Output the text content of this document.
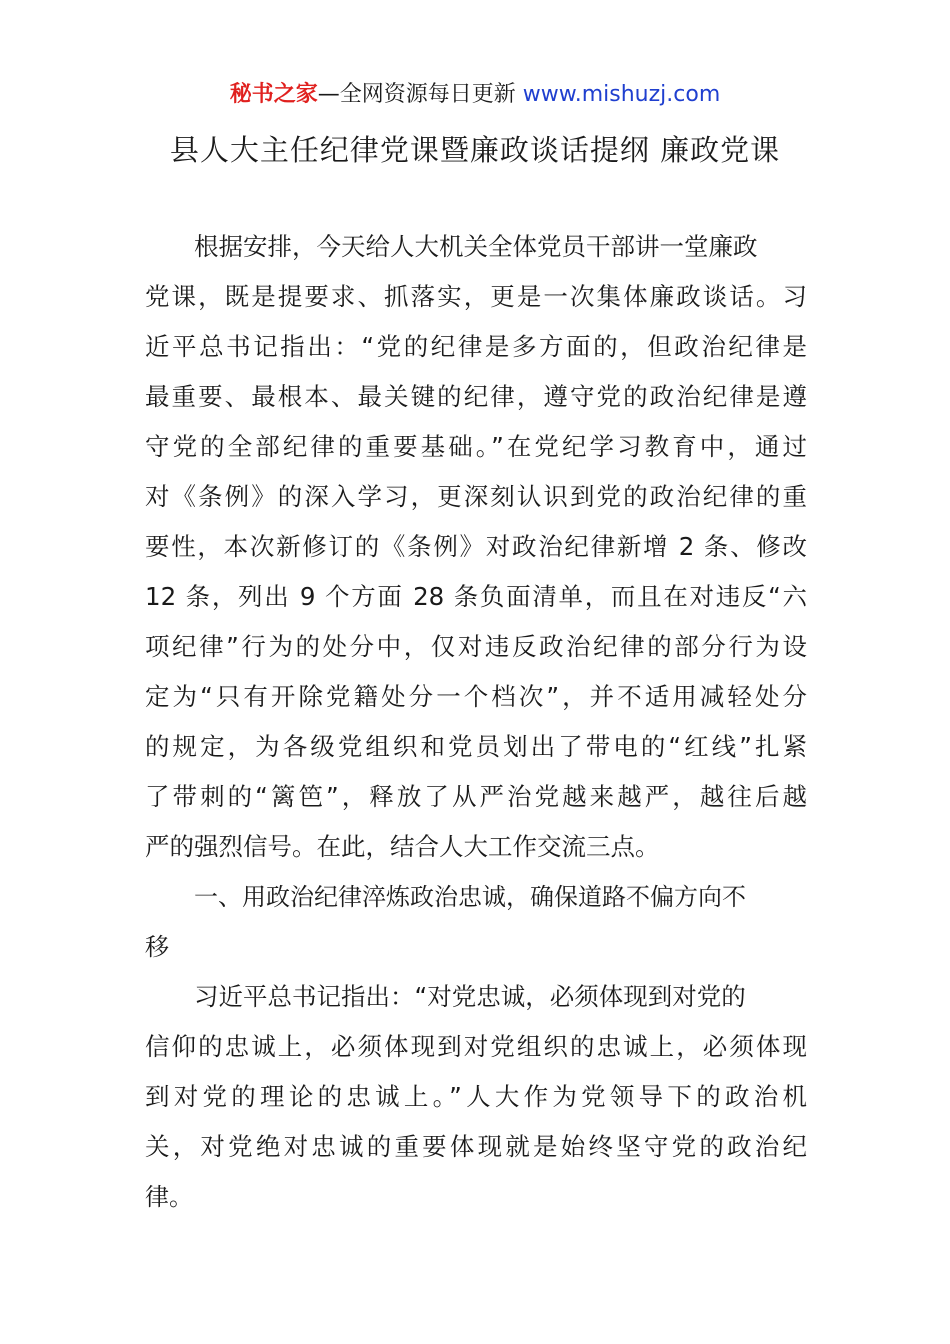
秘书之家—全网资源每日更新 www.mishuzj.com
县人大主任纪律党课暨廉政谈话提纲 廉政党课
根据安排，今天给人大机关全体党员干部讲一堂廉政
党课，既是提要求、抓落实，更是一次集体廉政谈话。习
近平总书记指出：“党的纪律是多方面的，但政治纪律是
最重要、最根本、最关键的纪律，遵守党的政治纪律是遵
守党的全部纪律的重要基础。”在党纪学习教育中，通过
对《条例》的深入学习，更深刻认识到党的政治纪律的重
要性，本次新修订的《条例》对政治纪律新增 2 条、修改
12 条，列出 9 个方面 28 条负面清单，而且在对违反“六
项纪律”行为的处分中，仅对违反政治纪律的部分行为设
定为“只有开除党籍处分一个档次”，并不适用减轻处分
的规定，为各级党组织和党员划出了带电的“红线”扎紧
了带刺的“篱笆”，释放了从严治党越来越严，越往后越
严的强烈信号。在此，结合人大工作交流三点。
一、用政治纪律淬炼政治忠诚，确保道路不偏方向不
移
习近平总书记指出：“对党忠诚，必须体现到对党的
信仰的忠诚上，必须体现到对党组织的忠诚上，必须体现
到对党的理论的忠诚上。”人大作为党领导下的政治机
关，对党绝对忠诚的重要体现就是始终坚守党的政治纪
律。
